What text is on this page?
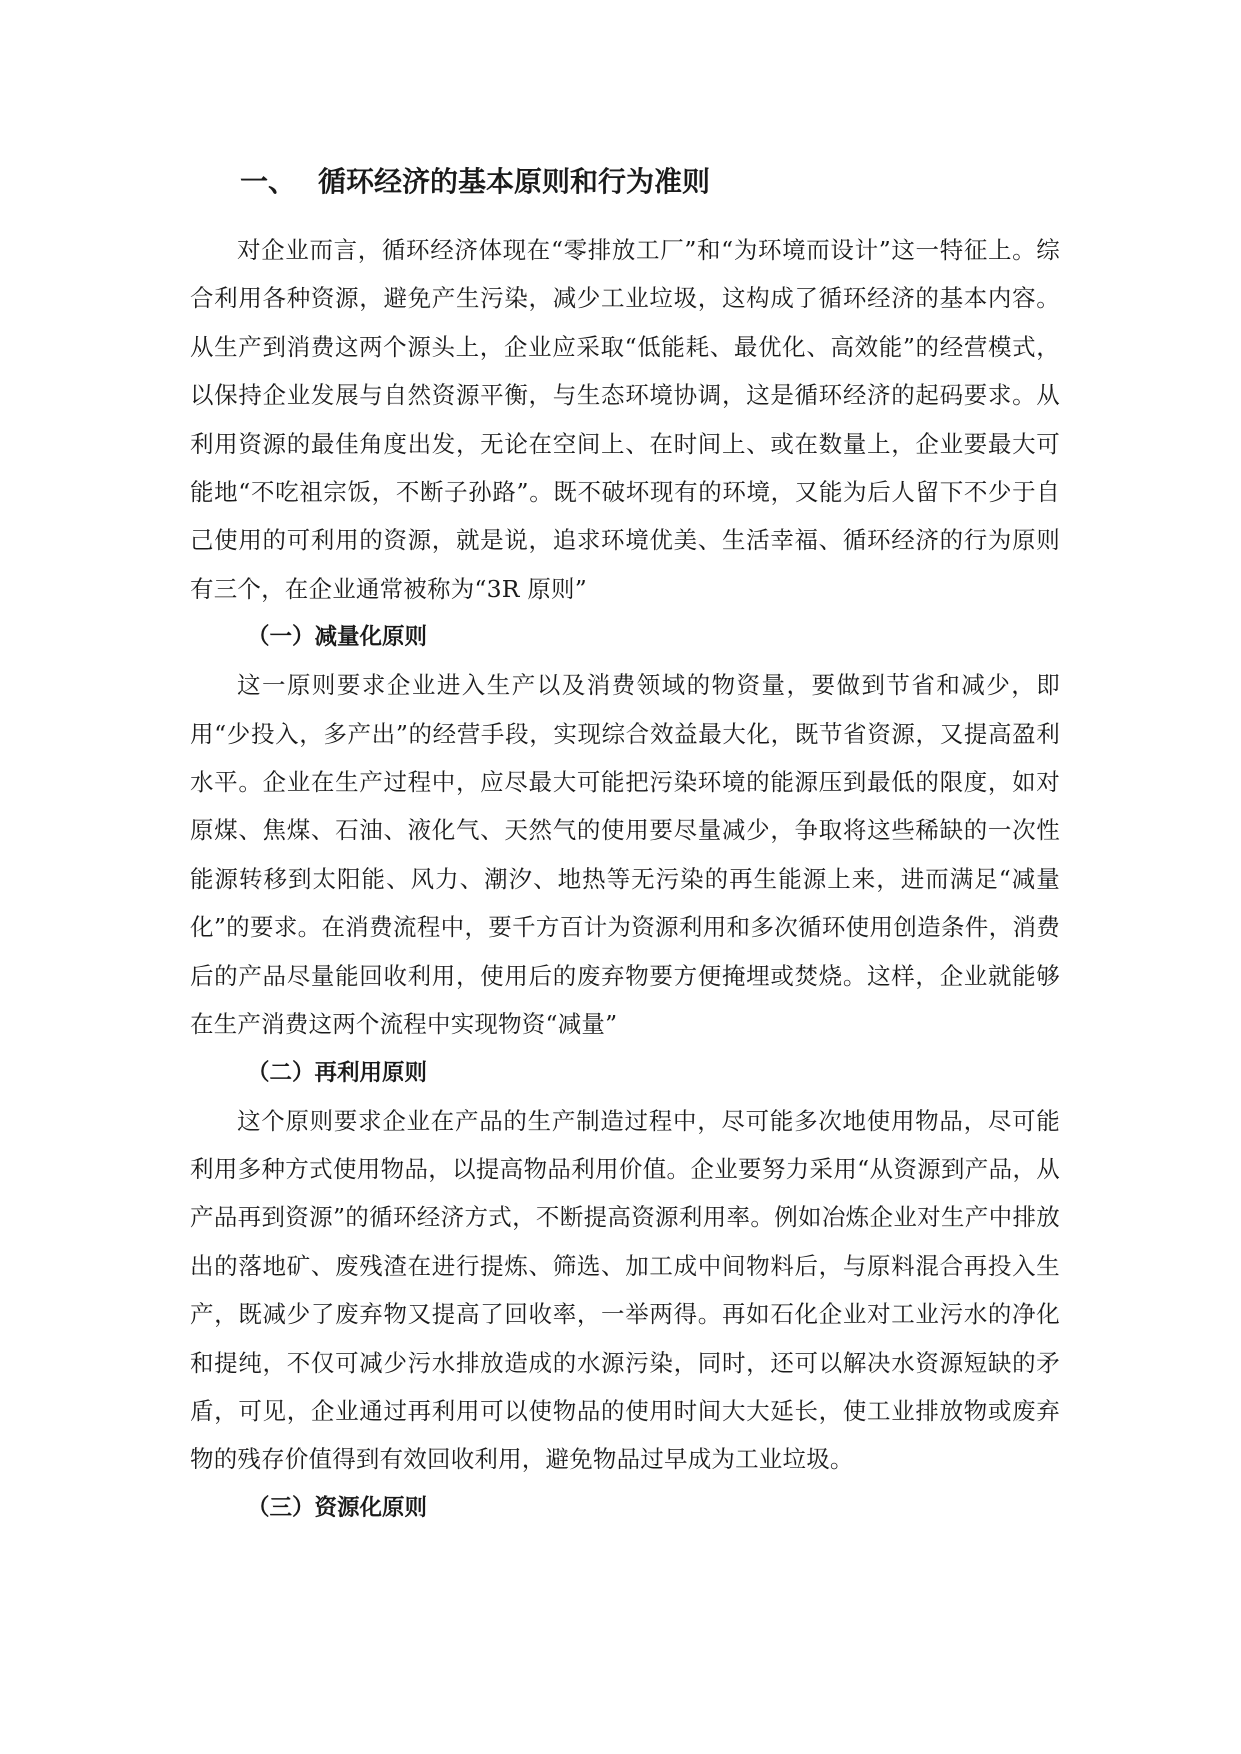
一、 循环经济的基本原则和行为准则

对企业而言，循环经济体现在“零排放工厂”和“为环境而设计”这一特征上。综合利用各种资源，避免产生污染，减少工业垃圾，这构成了循环经济的基本内容。从生产到消费这两个源头上，企业应采取“低能耗、最优化、高效能”的经营模式，以保持企业发展与自然资源平衡，与生态环境协调，这是循环经济的起码要求。从利用资源的最佳角度出发，无论在空间上、在时间上、或在数量上，企业要最大可能地“不吃祖宗饭，不断子孙路”。既不破坏现有的环境，又能为后人留下不少于自己使用的可利用的资源，就是说，追求环境优美、生活幸福、循环经济的行为原则有三个，在企业通常被称为“3R 原则”

（一）减量化原则

这一原则要求企业进入生产以及消费领域的物资量，要做到节省和减少，即用“少投入，多产出”的经营手段，实现综合效益最大化，既节省资源，又提高盈利水平。企业在生产过程中，应尽最大可能把污染环境的能源压到最低的限度，如对原煤、焦煤、石油、液化气、天然气的使用要尽量减少，争取将这些稀缺的一次性能源转移到太阳能、风力、潮汐、地热等无污染的再生能源上来，进而满足“减量化”的要求。在消费流程中，要千方百计为资源利用和多次循环使用创造条件，消费后的产品尽量能回收利用，使用后的废弃物要方便掩埋或焚烧。这样，企业就能够在生产消费这两个流程中实现物资“减量”

（二）再利用原则

这个原则要求企业在产品的生产制造过程中，尽可能多次地使用物品，尽可能利用多种方式使用物品，以提高物品利用价值。企业要努力采用“从资源到产品，从产品再到资源”的循环经济方式，不断提高资源利用率。例如冶炼企业对生产中排放出的落地矿、废残渣在进行提炼、筛选、加工成中间物料后，与原料混合再投入生产，既减少了废弃物又提高了回收率，一举两得。再如石化企业对工业污水的净化和提纯，不仅可减少污水排放造成的水源污染，同时，还可以解决水资源短缺的矛盾，可见，企业通过再利用可以使物品的使用时间大大延长，使工业排放物或废弃物的残存价值得到有效回收利用，避免物品过早成为工业垃圾。

（三）资源化原则
